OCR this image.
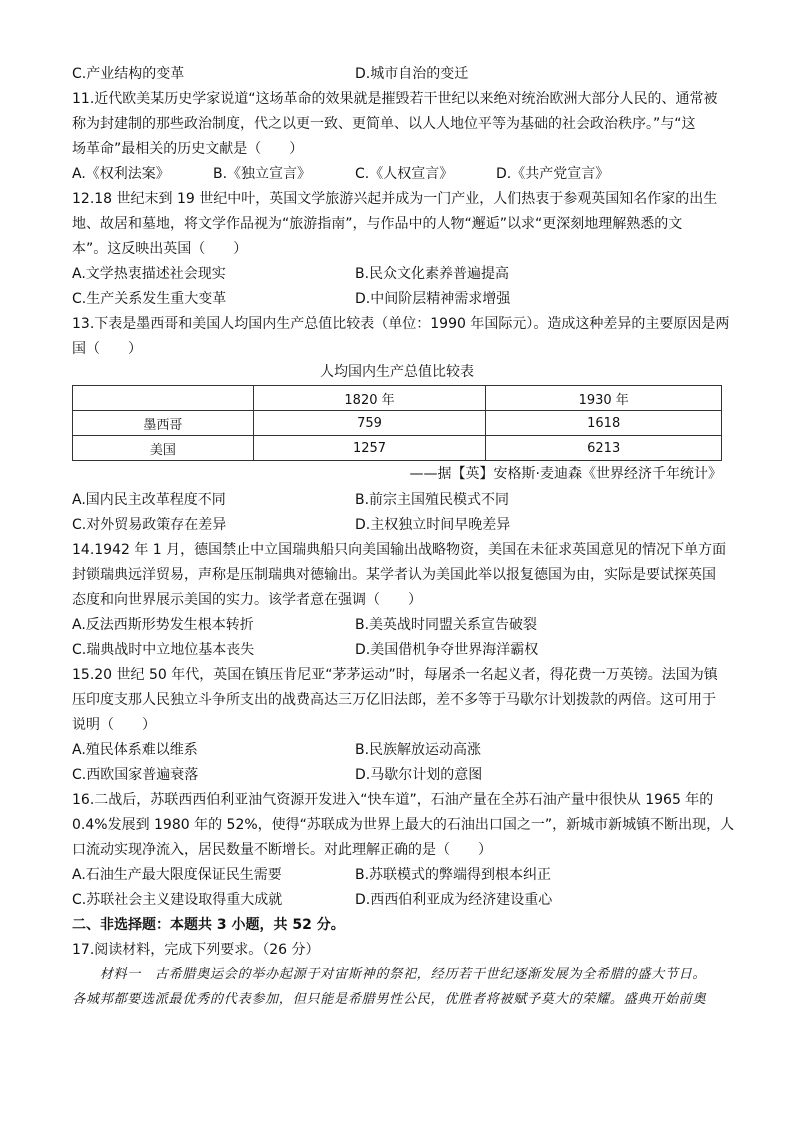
C.产业结构的变革	D.城市自治的变迁
11.近代欧美某历史学家说道“这场革命的效果就是摧毁若干世纪以来绝对统治欧洲大部分人民的、通常被
称为封建制的那些政治制度，代之以更一致、更简单、以人人地位平等为基础的社会政治秩序。”与“这
场革命”最相关的历史文献是（　　）
A.《权利法案》	B.《独立宣言》	C.《人权宣言》	D.《共产党宣言》
12.18 世纪末到 19 世纪中叶，英国文学旅游兴起并成为一门产业，人们热衷于参观英国知名作家的出生
地、故居和墓地，将文学作品视为“旅游指南”，与作品中的人物“邂逅”以求“更深刻地理解熟悉的文
本”。这反映出英国（　　）
A.文学热衷描述社会现实	B.民众文化素养普遍提高
C.生产关系发生重大变革	D.中间阶层精神需求增强
13.下表是墨西哥和美国人均国内生产总值比较表（单位：1990 年国际元）。造成这种差异的主要原因是两
国（　　）
人均国内生产总值比较表
	1820 年	1930 年
墨西哥	759	1618
美国	1257	6213
——据【英】安格斯·麦迪森《世界经济千年统计》
A.国内民主改革程度不同	B.前宗主国殖民模式不同
C.对外贸易政策存在差异	D.主权独立时间早晚差异
14.1942 年 1 月，德国禁止中立国瑞典船只向美国输出战略物资，美国在未征求英国意见的情况下单方面
封锁瑞典远洋贸易，声称是压制瑞典对德输出。某学者认为美国此举以报复德国为由，实际是要试探英国
态度和向世界展示美国的实力。该学者意在强调（　　）
A.反法西斯形势发生根本转折	B.美英战时同盟关系宣告破裂
C.瑞典战时中立地位基本丧失	D.美国借机争夺世界海洋霸权
15.20 世纪 50 年代，英国在镇压肯尼亚“茅茅运动”时，每屠杀一名起义者，得花费一万英镑。法国为镇
压印度支那人民独立斗争所支出的战费高达三万亿旧法郎，差不多等于马歇尔计划拨款的两倍。这可用于
说明（　　）
A.殖民体系难以维系	B.民族解放运动高涨
C.西欧国家普遍衰落	D.马歇尔计划的意图
16.二战后，苏联西西伯利亚油气资源开发进入“快车道”，石油产量在全苏石油产量中很快从 1965 年的
0.4%发展到 1980 年的 52%，使得“苏联成为世界上最大的石油出口国之一”，新城市新城镇不断出现，人
口流动实现净流入，居民数量不断增长。对此理解正确的是（　　）
A.石油生产最大限度保证民生需要	B.苏联模式的弊端得到根本纠正
C.苏联社会主义建设取得重大成就	D.西西伯利亚成为经济建设重心
二、非选择题：本题共 3 小题，共 52 分。
17.阅读材料，完成下列要求。（26 分）
　　材料一　古希腊奥运会的举办起源于对宙斯神的祭祀，经历若干世纪逐渐发展为全希腊的盛大节日。
各城邦都要选派最优秀的代表参加，但只能是希腊男性公民，优胜者将被赋予莫大的荣耀。盛典开始前奥
